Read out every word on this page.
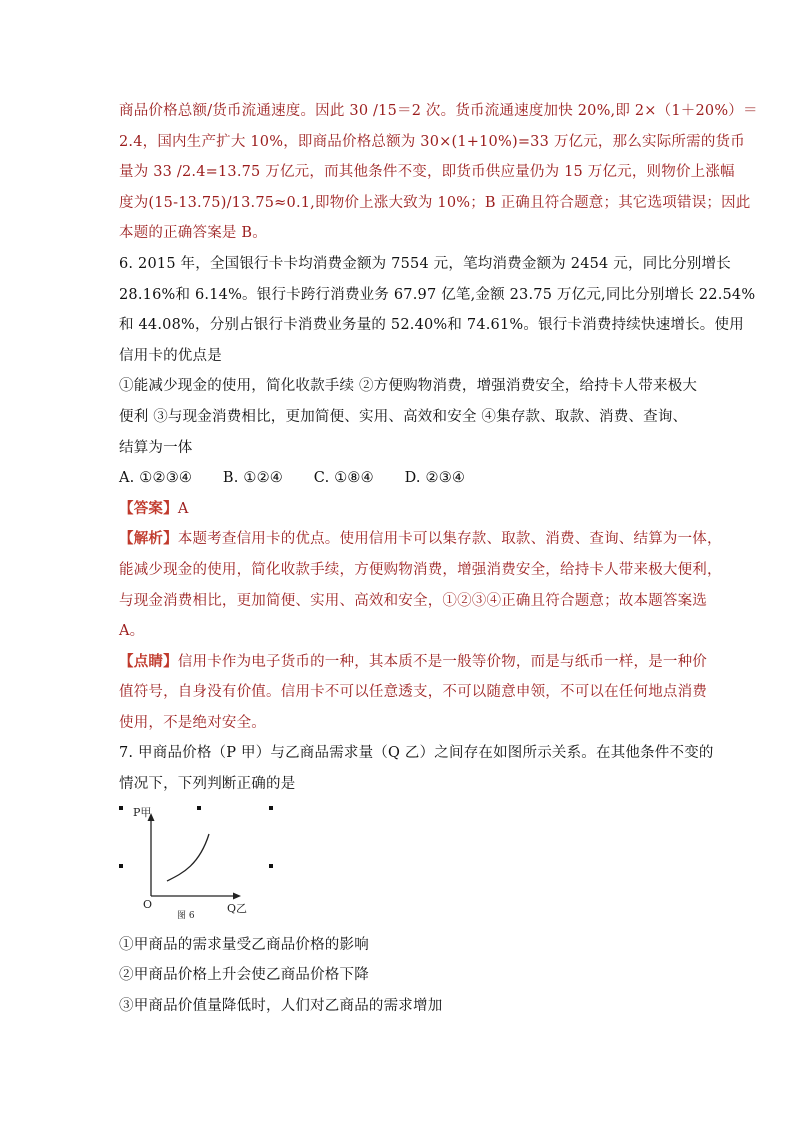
商品价格总额/货币流通速度。因此 30 /15＝2 次。货币流通速度加快 20%,即 2×（1＋20%）＝
2.4，国内生产扩大 10%，即商品价格总额为 30×(1+10%)=33 万亿元，那么实际所需的货币
量为 33 /2.4=13.75 万亿元，而其他条件不变，即货币供应量仍为 15 万亿元，则物价上涨幅
度为(15-13.75)/13.75≈0.1,即物价上涨大致为 10%；B 正确且符合题意；其它选项错误；因此
本题的正确答案是 B。
6. 2015 年，全国银行卡卡均消费金额为 7554 元，笔均消费金额为 2454 元，同比分别增长
28.16%和 6.14%。银行卡跨行消费业务 67.97 亿笔,金额 23.75 万亿元,同比分别增长 22.54%
和 44.08%，分别占银行卡消费业务量的 52.40%和 74.61%。银行卡消费持续快速增长。使用
信用卡的优点是
①能减少现金的使用，简化收款手续 ②方便购物消费，增强消费安全，给持卡人带来极大
便利 ③与现金消费相比，更加简便、实用、高效和安全 ④集存款、取款、消费、查询、
结算为一体
A. ①②③④ B. ①②④ C. ①⑧④ D. ②③④
【答案】A
【解析】本题考查信用卡的优点。使用信用卡可以集存款、取款、消费、查询、结算为一体，
能减少现金的使用，简化收款手续，方便购物消费，增强消费安全，给持卡人带来极大便利，
与现金消费相比，更加简便、实用、高效和安全，①②③④正确且符合题意；故本题答案选
A。
【点睛】信用卡作为电子货币的一种，其本质不是一般等价物，而是与纸币一样，是一种价
值符号，自身没有价值。信用卡不可以任意透支，不可以随意申领，不可以在任何地点消费
使用，不是绝对安全。
7. 甲商品价格（P 甲）与乙商品需求量（Q 乙）之间存在如图所示关系。在其他条件不变的
情况下，下列判断正确的是
P甲
O	Q乙
图 6
①甲商品的需求量受乙商品价格的影响
②甲商品价格上升会使乙商品价格下降
③甲商品价值量降低时，人们对乙商品的需求增加
